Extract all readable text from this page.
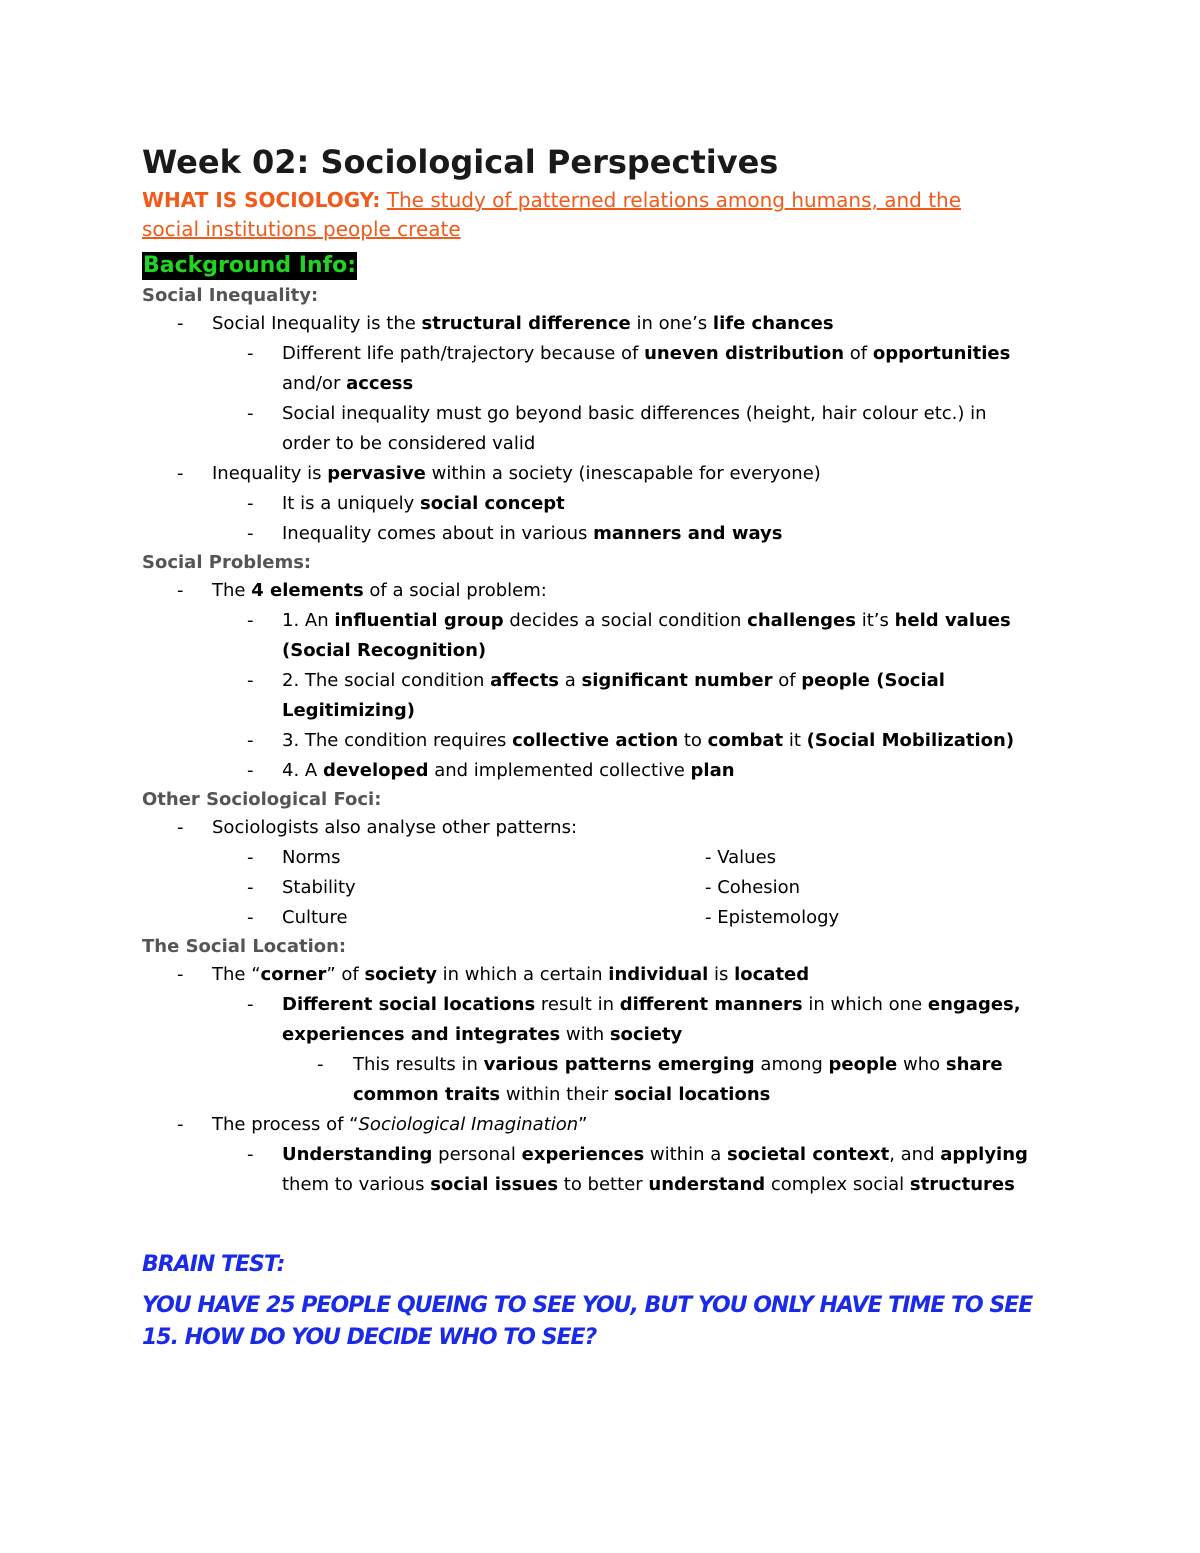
Week 02: Sociological Perspectives
WHAT IS SOCIOLOGY: The study of patterned relations among humans, and the
social institutions people create
Background Info:
Social Inequality:
- Social Inequality is the structural difference in one’s life chances
- Different life path/trajectory because of uneven distribution of opportunities
and/or access
- Social inequality must go beyond basic differences (height, hair colour etc.) in
order to be considered valid
- Inequality is pervasive within a society (inescapable for everyone)
- It is a uniquely social concept
- Inequality comes about in various manners and ways
Social Problems:
- The 4 elements of a social problem:
- 1. An influential group decides a social condition challenges it’s held values
(Social Recognition)
- 2. The social condition affects a significant number of people (Social
Legitimizing)
- 3. The condition requires collective action to combat it (Social Mobilization)
- 4. A developed and implemented collective plan
Other Sociological Foci:
- Sociologists also analyse other patterns:
- Norms	- Values
- Stability	- Cohesion
- Culture	- Epistemology
The Social Location:
- The “corner” of society in which a certain individual is located
- Different social locations result in different manners in which one engages,
experiences and integrates with society
- This results in various patterns emerging among people who share
common traits within their social locations
- The process of “Sociological Imagination”
- Understanding personal experiences within a societal context, and applying
them to various social issues to better understand complex social structures
BRAIN TEST:
YOU HAVE 25 PEOPLE QUEING TO SEE YOU, BUT YOU ONLY HAVE TIME TO SEE 15. HOW DO YOU DECIDE WHO TO SEE?
